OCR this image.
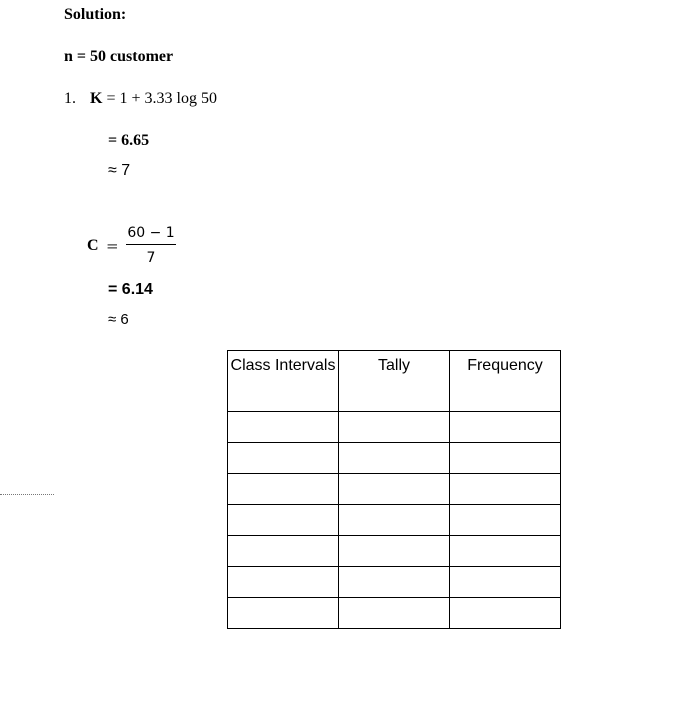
Solution:
n = 50 customer
1. K = 1 + 3.33 log 50
= 6.65
≈ 7
C =
60 − 1
7
= 6.14
≈ 6
Class Intervals	Tally	Frequency
